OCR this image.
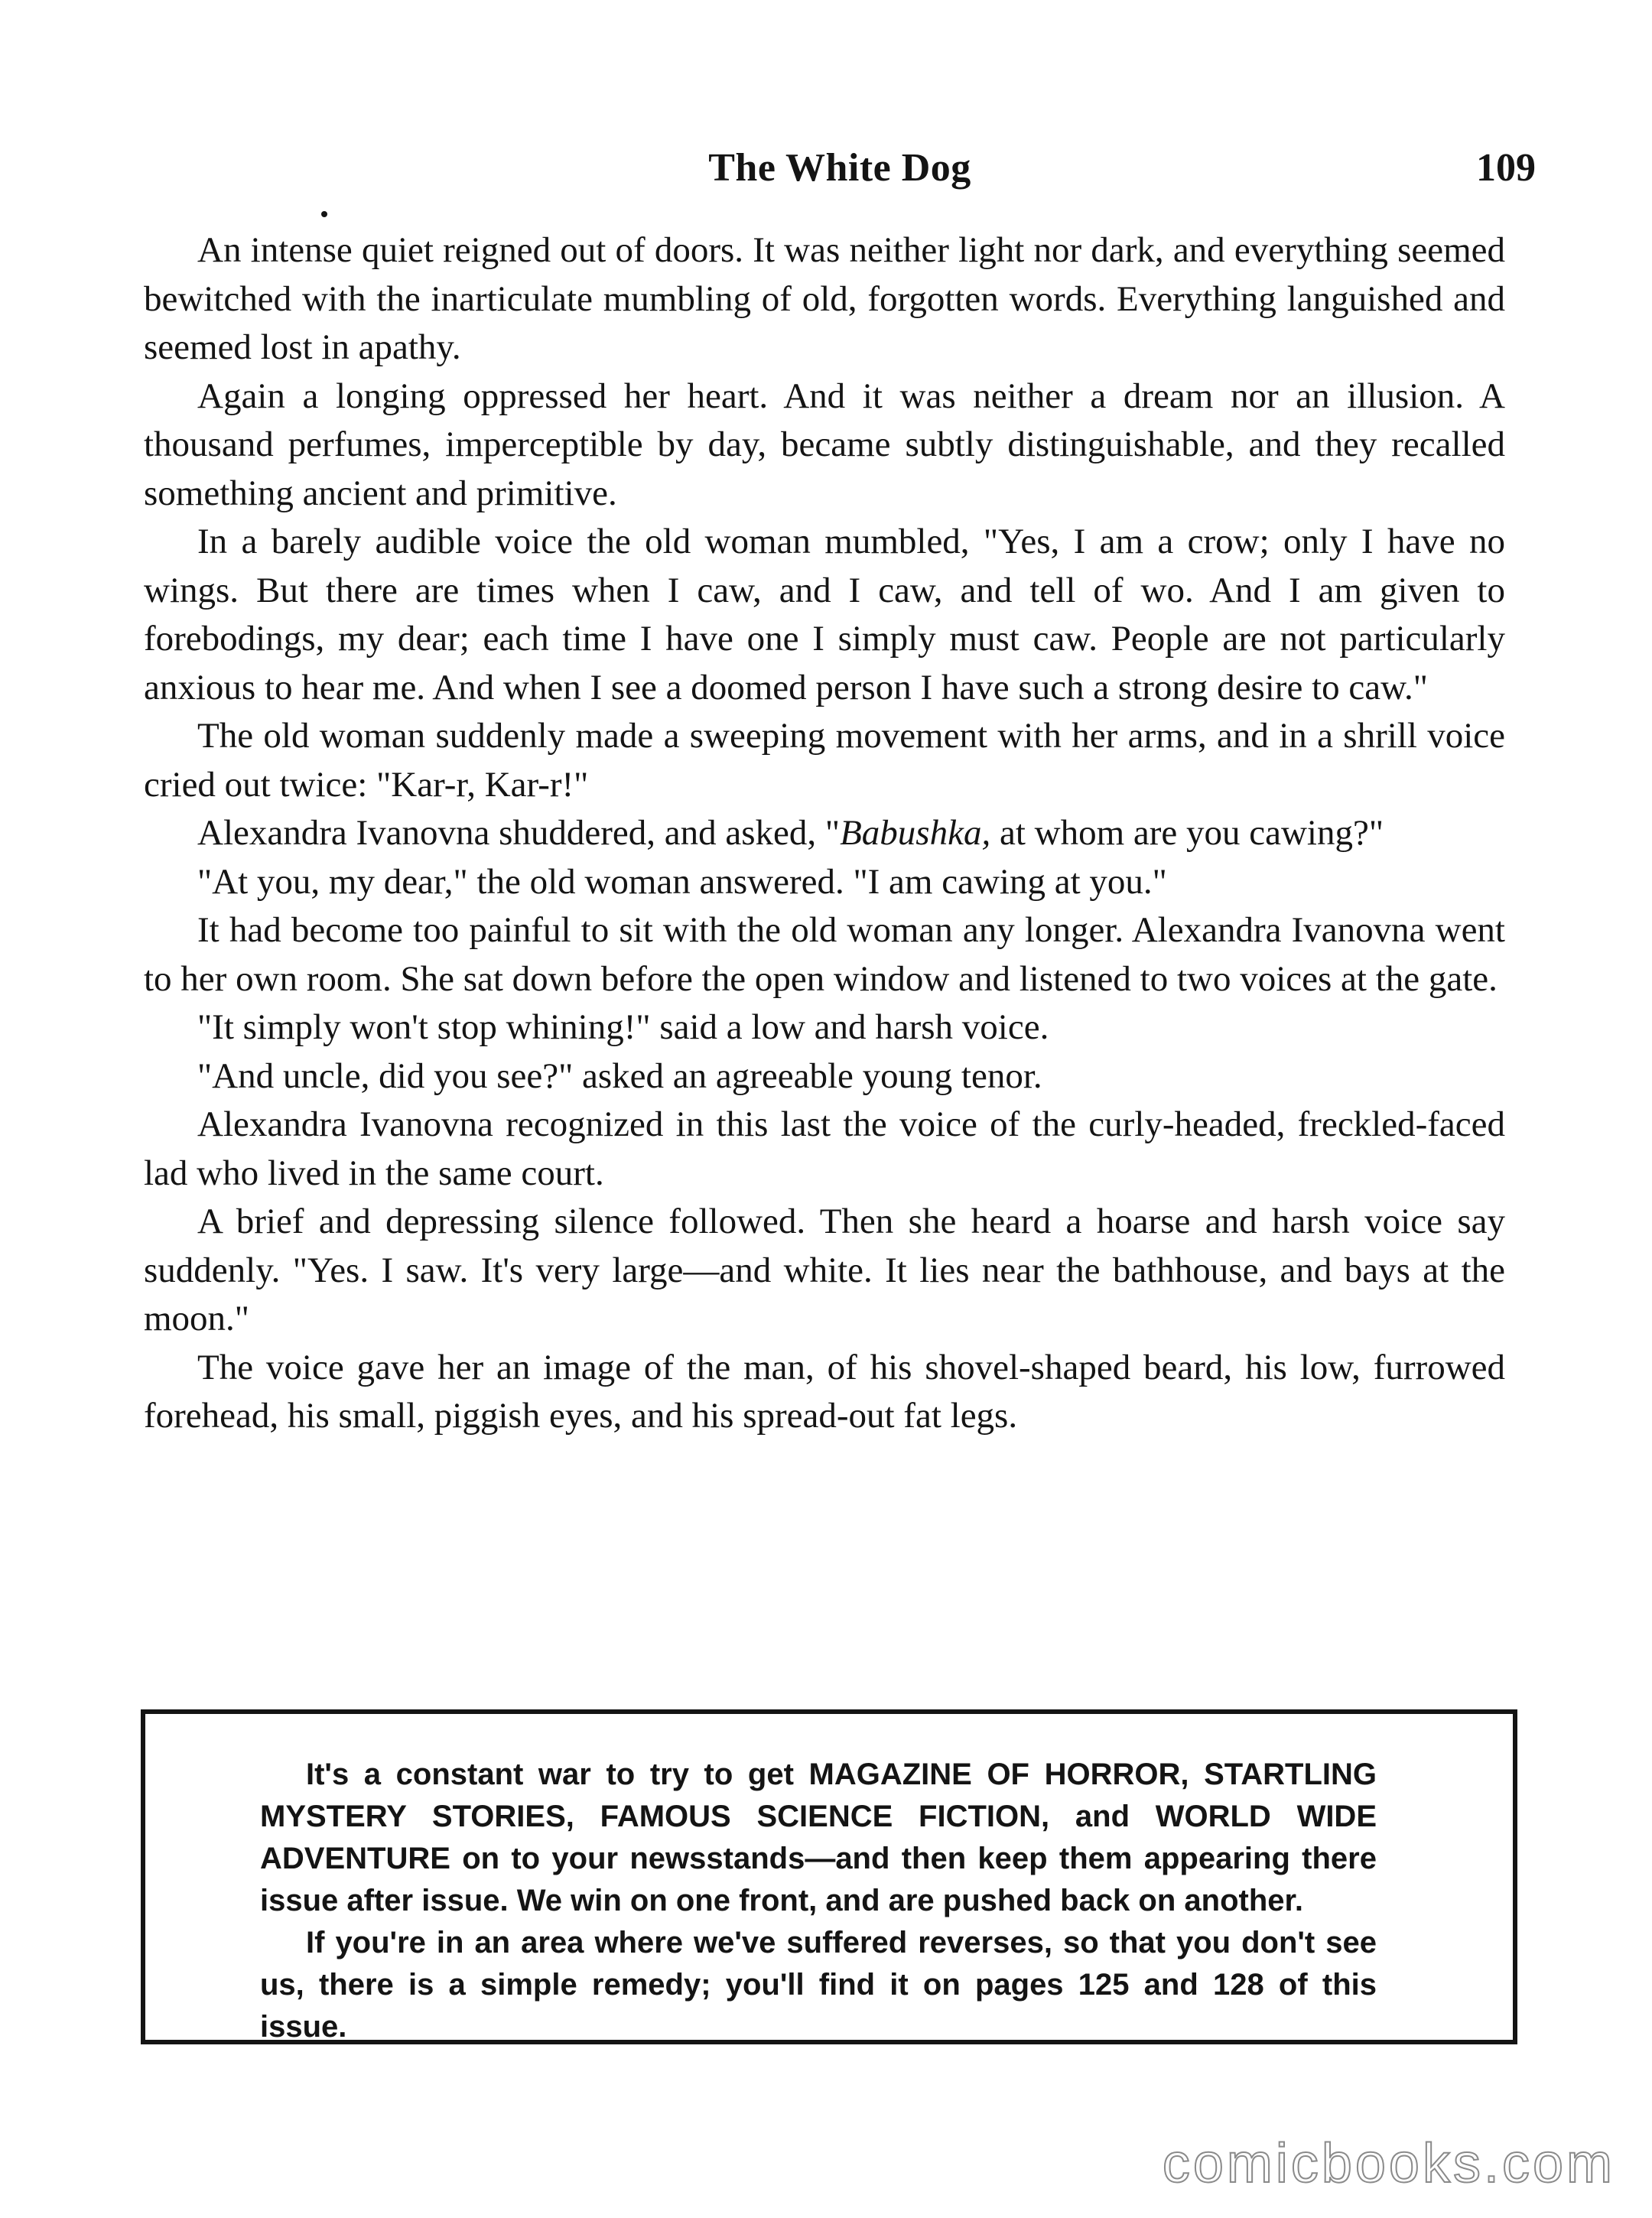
The White Dog	109

An intense quiet reigned out of doors. It was neither light nor dark, and everything seemed bewitched with the inarticulate mumbling of old, forgotten words. Everything languished and seemed lost in apathy.

Again a longing oppressed her heart. And it was neither a dream nor an illusion. A thousand perfumes, imperceptible by day, became subtly distinguishable, and they recalled something ancient and primitive.

In a barely audible voice the old woman mumbled, "Yes, I am a crow; only I have no wings. But there are times when I caw, and I caw, and tell of wo. And I am given to forebodings, my dear; each time I have one I simply must caw. People are not particularly anxious to hear me. And when I see a doomed person I have such a strong desire to caw."

The old woman suddenly made a sweeping movement with her arms, and in a shrill voice cried out twice: "Kar-r, Kar-r!"

Alexandra Ivanovna shuddered, and asked, "Babushka, at whom are you cawing?"

"At you, my dear," the old woman answered. "I am cawing at you."

It had become too painful to sit with the old woman any longer. Alexandra Ivanovna went to her own room. She sat down before the open window and listened to two voices at the gate.

"It simply won't stop whining!" said a low and harsh voice.

"And uncle, did you see?" asked an agreeable young tenor.

Alexandra Ivanovna recognized in this last the voice of the curly-headed, freckled-faced lad who lived in the same court.

A brief and depressing silence followed. Then she heard a hoarse and harsh voice say suddenly. "Yes. I saw. It's very large—and white. It lies near the bathhouse, and bays at the moon."

The voice gave her an image of the man, of his shovel-shaped beard, his low, furrowed forehead, his small, piggish eyes, and his spread-out fat legs.

It's a constant war to try to get MAGAZINE OF HORROR, STARTLING MYSTERY STORIES, FAMOUS SCIENCE FICTION, and WORLD WIDE ADVENTURE on to your newsstands—and then keep them appearing there issue after issue. We win on one front, and are pushed back on another.

If you're in an area where we've suffered reverses, so that you don't see us, there is a simple remedy; you'll find it on pages 125 and 128 of this issue.

comicbooks.com
